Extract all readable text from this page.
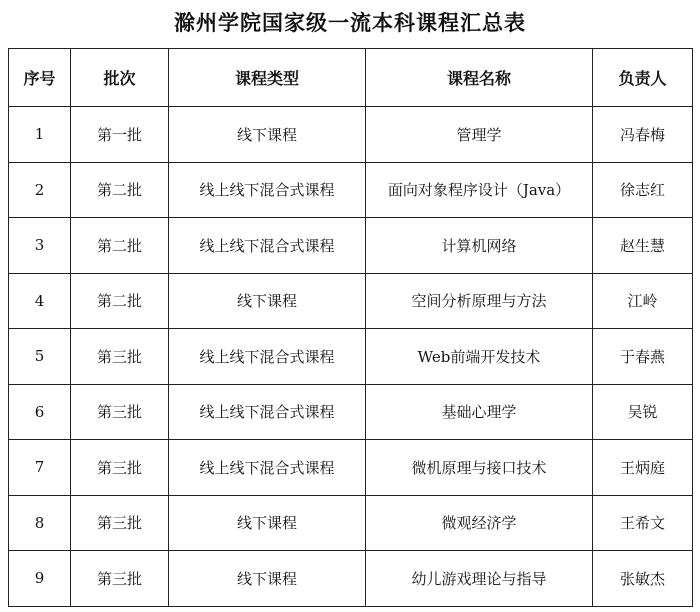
滁州学院国家级一流本科课程汇总表
序号	批次	课程类型	课程名称	负责人
1	第一批	线下课程	管理学	冯春梅
2	第二批	线上线下混合式课程	面向对象程序设计（Java）	徐志红
3	第二批	线上线下混合式课程	计算机网络	赵生慧
4	第二批	线下课程	空间分析原理与方法	江岭
5	第三批	线上线下混合式课程	Web前端开发技术	于春燕
6	第三批	线上线下混合式课程	基础心理学	吴锐
7	第三批	线上线下混合式课程	微机原理与接口技术	王炳庭
8	第三批	线下课程	微观经济学	王希文
9	第三批	线下课程	幼儿游戏理论与指导	张敏杰
